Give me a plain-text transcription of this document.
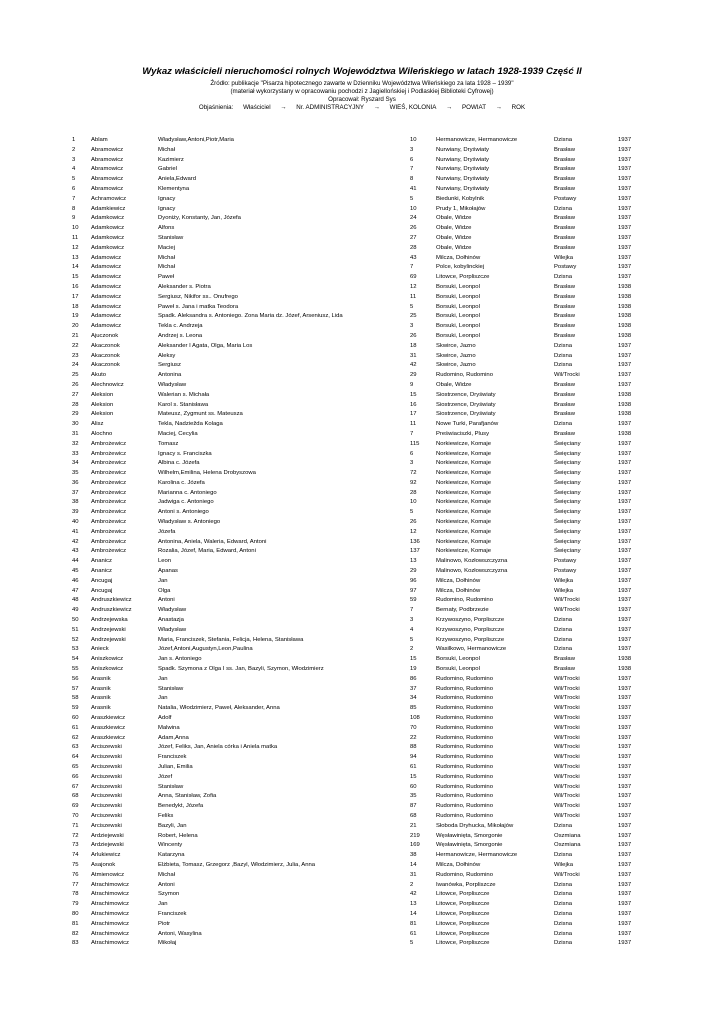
Wykaz właścicieli nieruchomości rolnych Województwa Wileńskiego w latach 1928-1939 Część II
Źródło: publikacje "Pisarza hipotecznego zawarte w Dzienniku Województwa Wileńskiego za lata 1928 – 1939"
(materiał wykorzystany w opracowaniu pochodzi z Jagiellońskiej i Podlaskiej Biblioteki Cyfrowej)
Opracował: Ryszard Sys
Objaśnienia: Właściciel → Nr. ADMINISTRACYJNY → WIEŚ, KOLONIA → POWIAT → ROK
1	Ablam	Władysław,Antoni,Piotr,Maria	10	Hermanowicze, Hermanowicze	Dzisna	1937
2	Abramowicz	Michał	3	Nurwiany, Dryświaty	Brasław	1937
3	Abramowicz	Kazimierz	6	Nurwiany, Dryświaty	Brasław	1937
4	Abramowicz	Gabriel	7	Nurwiany, Dryświaty	Brasław	1937
5	Abramowicz	Aniela,Edward	8	Nurwiany, Dryświaty	Brasław	1937
6	Abramowicz	Klementyna	41	Nurwiany, Dryświaty	Brasław	1937
7	Achramowicz	Ignacy	5	Biedunki, Kobylnik	Postawy	1937
8	Adamkiewicz	Ignacy	10	Prudy 1, Mikołajów	Dzisna	1937
9	Adamkowicz	Dyoniży, Konstanty, Jan, Józefa	24	Obale, Widze	Brasław	1937
10	Adamkowicz	Alfons	26	Obale, Widze	Brasław	1937
11	Adamkowicz	Stanisław	27	Obale, Widze	Brasław	1937
12	Adamkowicz	Maciej	28	Obale, Widze	Brasław	1937
13	Adamowicz	Michał	43	Milcza, Dołhinów	Wilejka	1937
14	Adamowicz	Michał	7	Polce, kobylinckiej	Postawy	1937
15	Adamowicz	Paweł	69	Litowce, Porpliszcze	Dzisna	1937
16	Adamowicz	Aleksander s. Piotra	12	Borsuki, Leonpol	Brasław	1938
17	Adamowicz	Sergiusz, Nikifor ss.. Onufrego	11	Borsuki, Leonpol	Brasław	1938
18	Adamowicz	Paweł s. Jana i matka Teodora	5	Borsuki, Leonpol	Brasław	1938
19	Adamowicz	Spadk. Aleksandra s. Antoniego. Zona Maria dz. Józef, Arseniusz, Lida	25	Borsuki, Leonpol	Brasław	1938
20	Adamowicz	Tekla c. Andrzeja	3	Borsuki, Leonpol	Brasław	1938
21	Ajuczonok	Andrzej s. Leona	26	Borsuki, Leonpol	Brasław	1938
22	Akaczonok	Aleksander I Agata, Olga, Maria Los	18	Skwirce, Jazno	Dzisna	1937
23	Akaczonok	Aleksy	31	Skwirce, Jazno	Dzisna	1937
24	Akaczonok	Sergiusz	42	Skwirce, Jazno	Dzisna	1937
25	Akuto	Antonina	29	Rudomino, Rudomino	Wil/Trocki	1937
26	Alechnowicz	Władysław	9	Obale, Widze	Brasław	1937
27	Aleksion	Walerian s. Michała	15	Siostrzence, Dryświaty	Brasław	1938
28	Aleksion	Karol s. Stanisława	16	Siostrzence, Dryświaty	Brasław	1938
29	Aleksion	Mateusz, Zygmunt ss. Mateusza	17	Siostrzence, Dryświaty	Brasław	1938
30	Alisz	Tekla, Nadziežda Kolaga	11	Nowe Turki, Parafjanów	Dzisna	1937
31	Alochno	Maciej, Cecylia	7	Preświaciszki, Plusy	Brasław	1938
32	Ambrożewicz	Tomasz	115	Norkiewicze, Komaje	Święciany	1937
33	Ambrożewicz	Ignacy s. Franciszka	6	Norkiewicze, Komaje	Święciany	1937
34	Ambrożewicz	Albina c. Józefa	3	Norkiewicze, Komaje	Święciany	1937
35	Ambrożewicz	Wilhelm,Emilina, Helena Drobyszowa	72	Norkiewicze, Komaje	Święciany	1937
36	Ambrożewicz	Karolina c. Józefa	92	Norkiewicze, Komaje	Święciany	1937
37	Ambrożewicz	Marianna c. Antoniego	28	Norkiewicze, Komaje	Święciany	1937
38	Ambrożewicz	Jadwiga c. Antoniego	10	Norkiewicze, Komaje	Święciany	1937
39	Ambrożewicz	Antoni s. Antoniego	5	Norkiewicze, Komaje	Święciany	1937
40	Ambrożewicz	Władysław s. Antoniego	26	Norkiewicze, Komaje	Święciany	1937
41	Ambrożewicz	Józefa	12	Norkiewicze, Komaje	Święciany	1937
42	Ambrożewicz	Antonina, Aniela, Waleria, Edward, Antoni	136	Norkiewicze, Komaje	Święciany	1937
43	Ambrożewicz	Rozalia, Józef, Maria, Edward, Antoni	137	Norkiewicze, Komaje	Święciany	1937
44	Ananicz	Leon	13	Malinowo, Kozłowszczyzna	Postawy	1937
45	Ananicz	Apanas	29	Malinowo, Kozłowszczyzna	Postawy	1937
46	Ancugaj	Jan	96	Milcza, Dołhinów	Wilejka	1937
47	Ancugaj	Olga	97	Milcza, Dołhinów	Wilejka	1937
48	Andruszkiewicz	Antoni	59	Rudomino, Rudomino	Wil/Trocki	1937
49	Andruszkiewicz	Władysław	7	Bernaty, Podbrzezie	Wil/Trocki	1937
50	Andrzejewska	Anastazja	3	Krzywoszyno, Porpliszcze	Dzisna	1937
51	Andrzejewski	Władysław	4	Krzywoszyno, Porpliszcze	Dzisna	1937
52	Andrzejewski	Maria, Franciszek, Stefania, Felicja, Helena, Stanisława	5	Krzywoszyno, Porpliszcze	Dzisna	1937
53	Anieck	Józef,Antoni,Augustyn,Leon,Paulina	2	Wasilkowo, Hermanowicze	Dzisna	1937
54	Aniszkowicz	Jan s. Antoniego	15	Borsuki, Leonpol	Brasław	1938
55	Aniszkowicz	Spadk. Szymona z Olga I ss. Jan, Bazyli, Szymon, Włodzimierz	19	Borsuki, Leonpol	Brasław	1938
56	Arasnik	Jan	86	Rudomino, Rudomino	Wil/Trocki	1937
57	Arasnik	Stanisław	37	Rudomino, Rudomino	Wil/Trocki	1937
58	Arasnik	Jan	34	Rudomino, Rudomino	Wil/Trocki	1937
59	Arasnik	Natalia, Włodzimierz, Paweł, Aleksander, Anna	85	Rudomino, Rudomino	Wil/Trocki	1937
60	Araszkiewicz	Adolf	108	Rudomino, Rudomino	Wil/Trocki	1937
61	Araszkiewicz	Malwina	70	Rudomino, Rudomino	Wil/Trocki	1937
62	Araszkiewicz	Adam,Anna	22	Rudomino, Rudomino	Wil/Trocki	1937
63	Arciszewski	Józef, Feliks, Jan, Aniela córka i Aniela matka	88	Rudomino, Rudomino	Wil/Trocki	1937
64	Arciszewski	Franciszek	94	Rudomino, Rudomino	Wil/Trocki	1937
65	Arciszewski	Julian, Emilia	61	Rudomino, Rudomino	Wil/Trocki	1937
66	Arciszewski	Józef	15	Rudomino, Rudomino	Wil/Trocki	1937
67	Arciszewski	Stanisław	60	Rudomino, Rudomino	Wil/Trocki	1937
68	Arciszewski	Anna, Stanisław, Zofia	35	Rudomino, Rudomino	Wil/Trocki	1937
69	Arciszewski	Benedykt, Józefa	87	Rudomino, Rudomino	Wil/Trocki	1937
70	Arciszewski	Feliks	68	Rudomino, Rudomino	Wil/Trocki	1937
71	Arciszewski	Bazyli, Jan	21	Słoboda Dryhucka, Mikołajów	Dzisna	1937
72	Ardziejewski	Robert, Helena	219	Węsławinięta, Smorgonie	Oszmiana	1937
73	Ardziejewski	Wincenty	169	Węsławinięta, Smorgonie	Oszmiana	1937
74	Arlukiewicz	Katarzyna	38	Hermanowicze, Hermanowicze	Dzisna	1937
75	Asajonok	Elżbieta, Tomasz, Grzegorz ,Bazyl, Włodzimierz, Julia, Anna	14	Milcza, Dołhinów	Wilejka	1937
76	Atmienowicz	Michał	31	Rudomino, Rudomino	Wil/Trocki	1937
77	Atrachimowicz	Antoni	2	Iwanówka, Porpliszcze	Dzisna	1937
78	Atrachimowicz	Szymon	42	Litowce, Porpliszcze	Dzisna	1937
79	Atrachimowicz	Jan	13	Litowce, Porpliszcze	Dzisna	1937
80	Atrachimowicz	Franciszek	14	Litowce, Porpliszcze	Dzisna	1937
81	Atrachimowicz	Piotr	81	Litowce, Porpliszcze	Dzisna	1937
82	Atrachimowicz	Antoni, Wasylina	61	Litowce, Porpliszcze	Dzisna	1937
83	Atrachimowicz	Mikołaj	5	Litowce, Porpliszcze	Dzisna	1937
